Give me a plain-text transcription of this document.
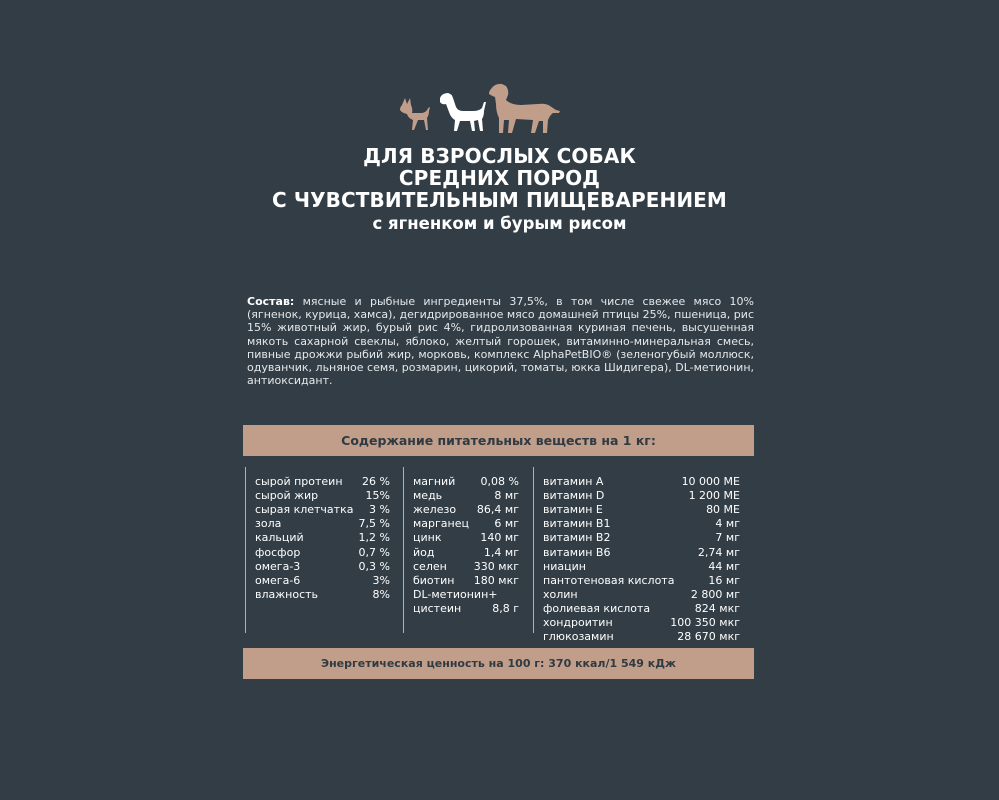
ДЛЯ ВЗРОСЛЫХ СОБАК
СРЕДНИХ ПОРОД
С ЧУВСТВИТЕЛЬНЫМ ПИЩЕВАРЕНИЕМ
с ягненком и бурым рисом
Состав: мясные и рыбные ингредиенты 37,5%, в том числе свежее мясо 10% (ягненок, курица, хамса), дегидрированное мясо домашней птицы 25%, пшеница, рис 15% животный жир, бурый рис 4%, гидролизованная куриная печень, высушенная мякоть сахарной свеклы, яблоко, желтый горошек, витаминно-минеральная смесь, пивные дрожжи рыбий жир, морковь, комплекс AlphaPetBIO® (зеленогубый моллюск, одуванчик, льняное семя, розмарин, цикорий, томаты, юкка Шидигера), DL-метионин, антиоксидант.
Содержание питательных веществ на 1 кг:
сырой протеин 26 %
сырой жир	15%
сырая клетчатка 3 %
зола	7,5 %
кальций	1,2 %
фосфор	0,7 %
омега-3	0,3 %
омега-6	3%
влажность	8%
магний 0,08 %
медь	8 мг
железо 86,4 мг
марганец 6 мг
цинк	140 мг
йод	1,4 мг
селен 330 мкг
биотин 180 мкг
DL-метионин+
цистеин	8,8 г
витамин А	10 000 МЕ
витамин D	1 200 МЕ
витамин Е	80 МЕ
витамин В1	4 мг
витамин В2	7 мг
витамин В6	2,74 мг
ниацин	44 мг
пантотеновая кислота	16 мг
холин	2 800 мг
фолиевая кислота	824 мкг
хондроитин	100 350 мкг
глюкозамин	28 670 мкг
Энергетическая ценность на 100 г: 370 ккал/1 549 кДж
